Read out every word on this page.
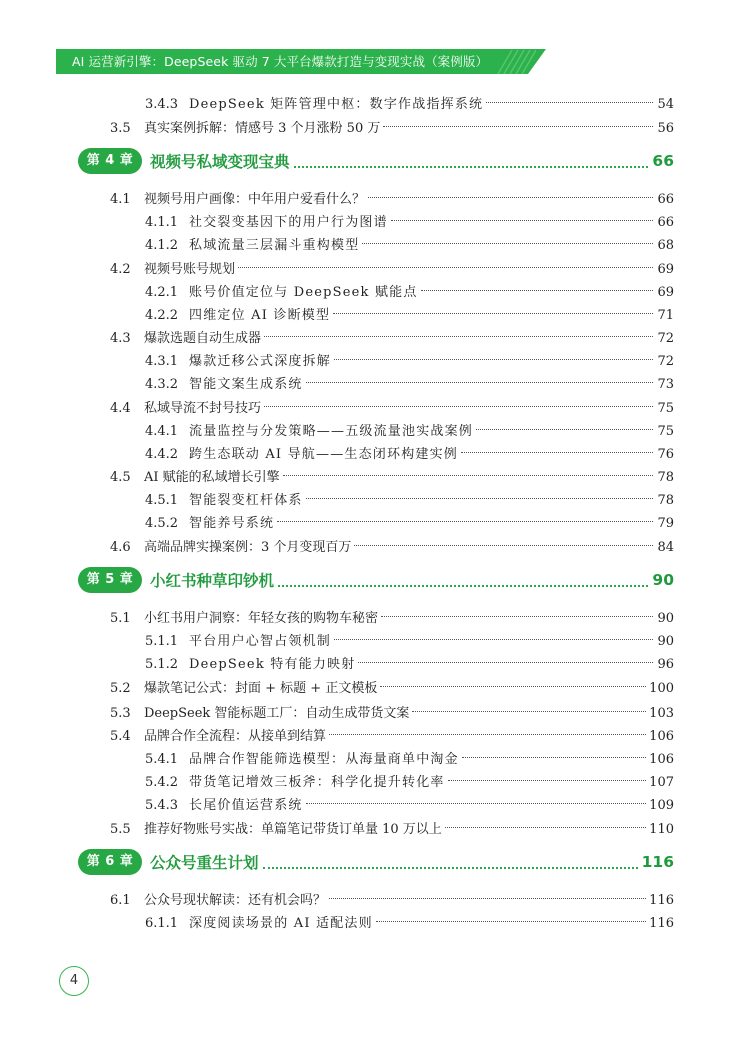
AI 运营新引擎：DeepSeek 驱动 7 大平台爆款打造与变现实战（案例版）
3.4.3 DeepSeek 矩阵管理中枢：数字作战指挥系统	54
3.5	真实案例拆解：情感号 3 个月涨粉 50 万	56
第 4 章	视频号私域变现宝典	66
4.1	视频号用户画像：中年用户爱看什么？	66
4.1.1 社交裂变基因下的用户行为图谱	66
4.1.2 私域流量三层漏斗重构模型	68
4.2	视频号账号规划	69
4.2.1 账号价值定位与 DeepSeek 赋能点	69
4.2.2 四维定位 AI 诊断模型	71
4.3	爆款选题自动生成器	72
4.3.1 爆款迁移公式深度拆解	72
4.3.2 智能文案生成系统	73
4.4	私域导流不封号技巧	75
4.4.1 流量监控与分发策略——五级流量池实战案例	75
4.4.2 跨生态联动 AI 导航——生态闭环构建实例	76
4.5	AI 赋能的私域增长引擎	78
4.5.1 智能裂变杠杆体系	78
4.5.2 智能养号系统	79
4.6	高端品牌实操案例：3 个月变现百万	84
第 5 章	小红书种草印钞机	90
5.1	小红书用户洞察：年轻女孩的购物车秘密	90
5.1.1 平台用户心智占领机制	90
5.1.2 DeepSeek 特有能力映射	96
5.2	爆款笔记公式：封面 + 标题 + 正文模板	100
5.3	DeepSeek 智能标题工厂：自动生成带货文案	103
5.4	品牌合作全流程：从接单到结算	106
5.4.1 品牌合作智能筛选模型：从海量商单中淘金	106
5.4.2 带货笔记增效三板斧：科学化提升转化率	107
5.4.3 长尾价值运营系统	109
5.5	推荐好物账号实战：单篇笔记带货订单量 10 万以上	110
第 6 章	公众号重生计划	116
6.1	公众号现状解读：还有机会吗？	116
6.1.1 深度阅读场景的 AI 适配法则	116
4
